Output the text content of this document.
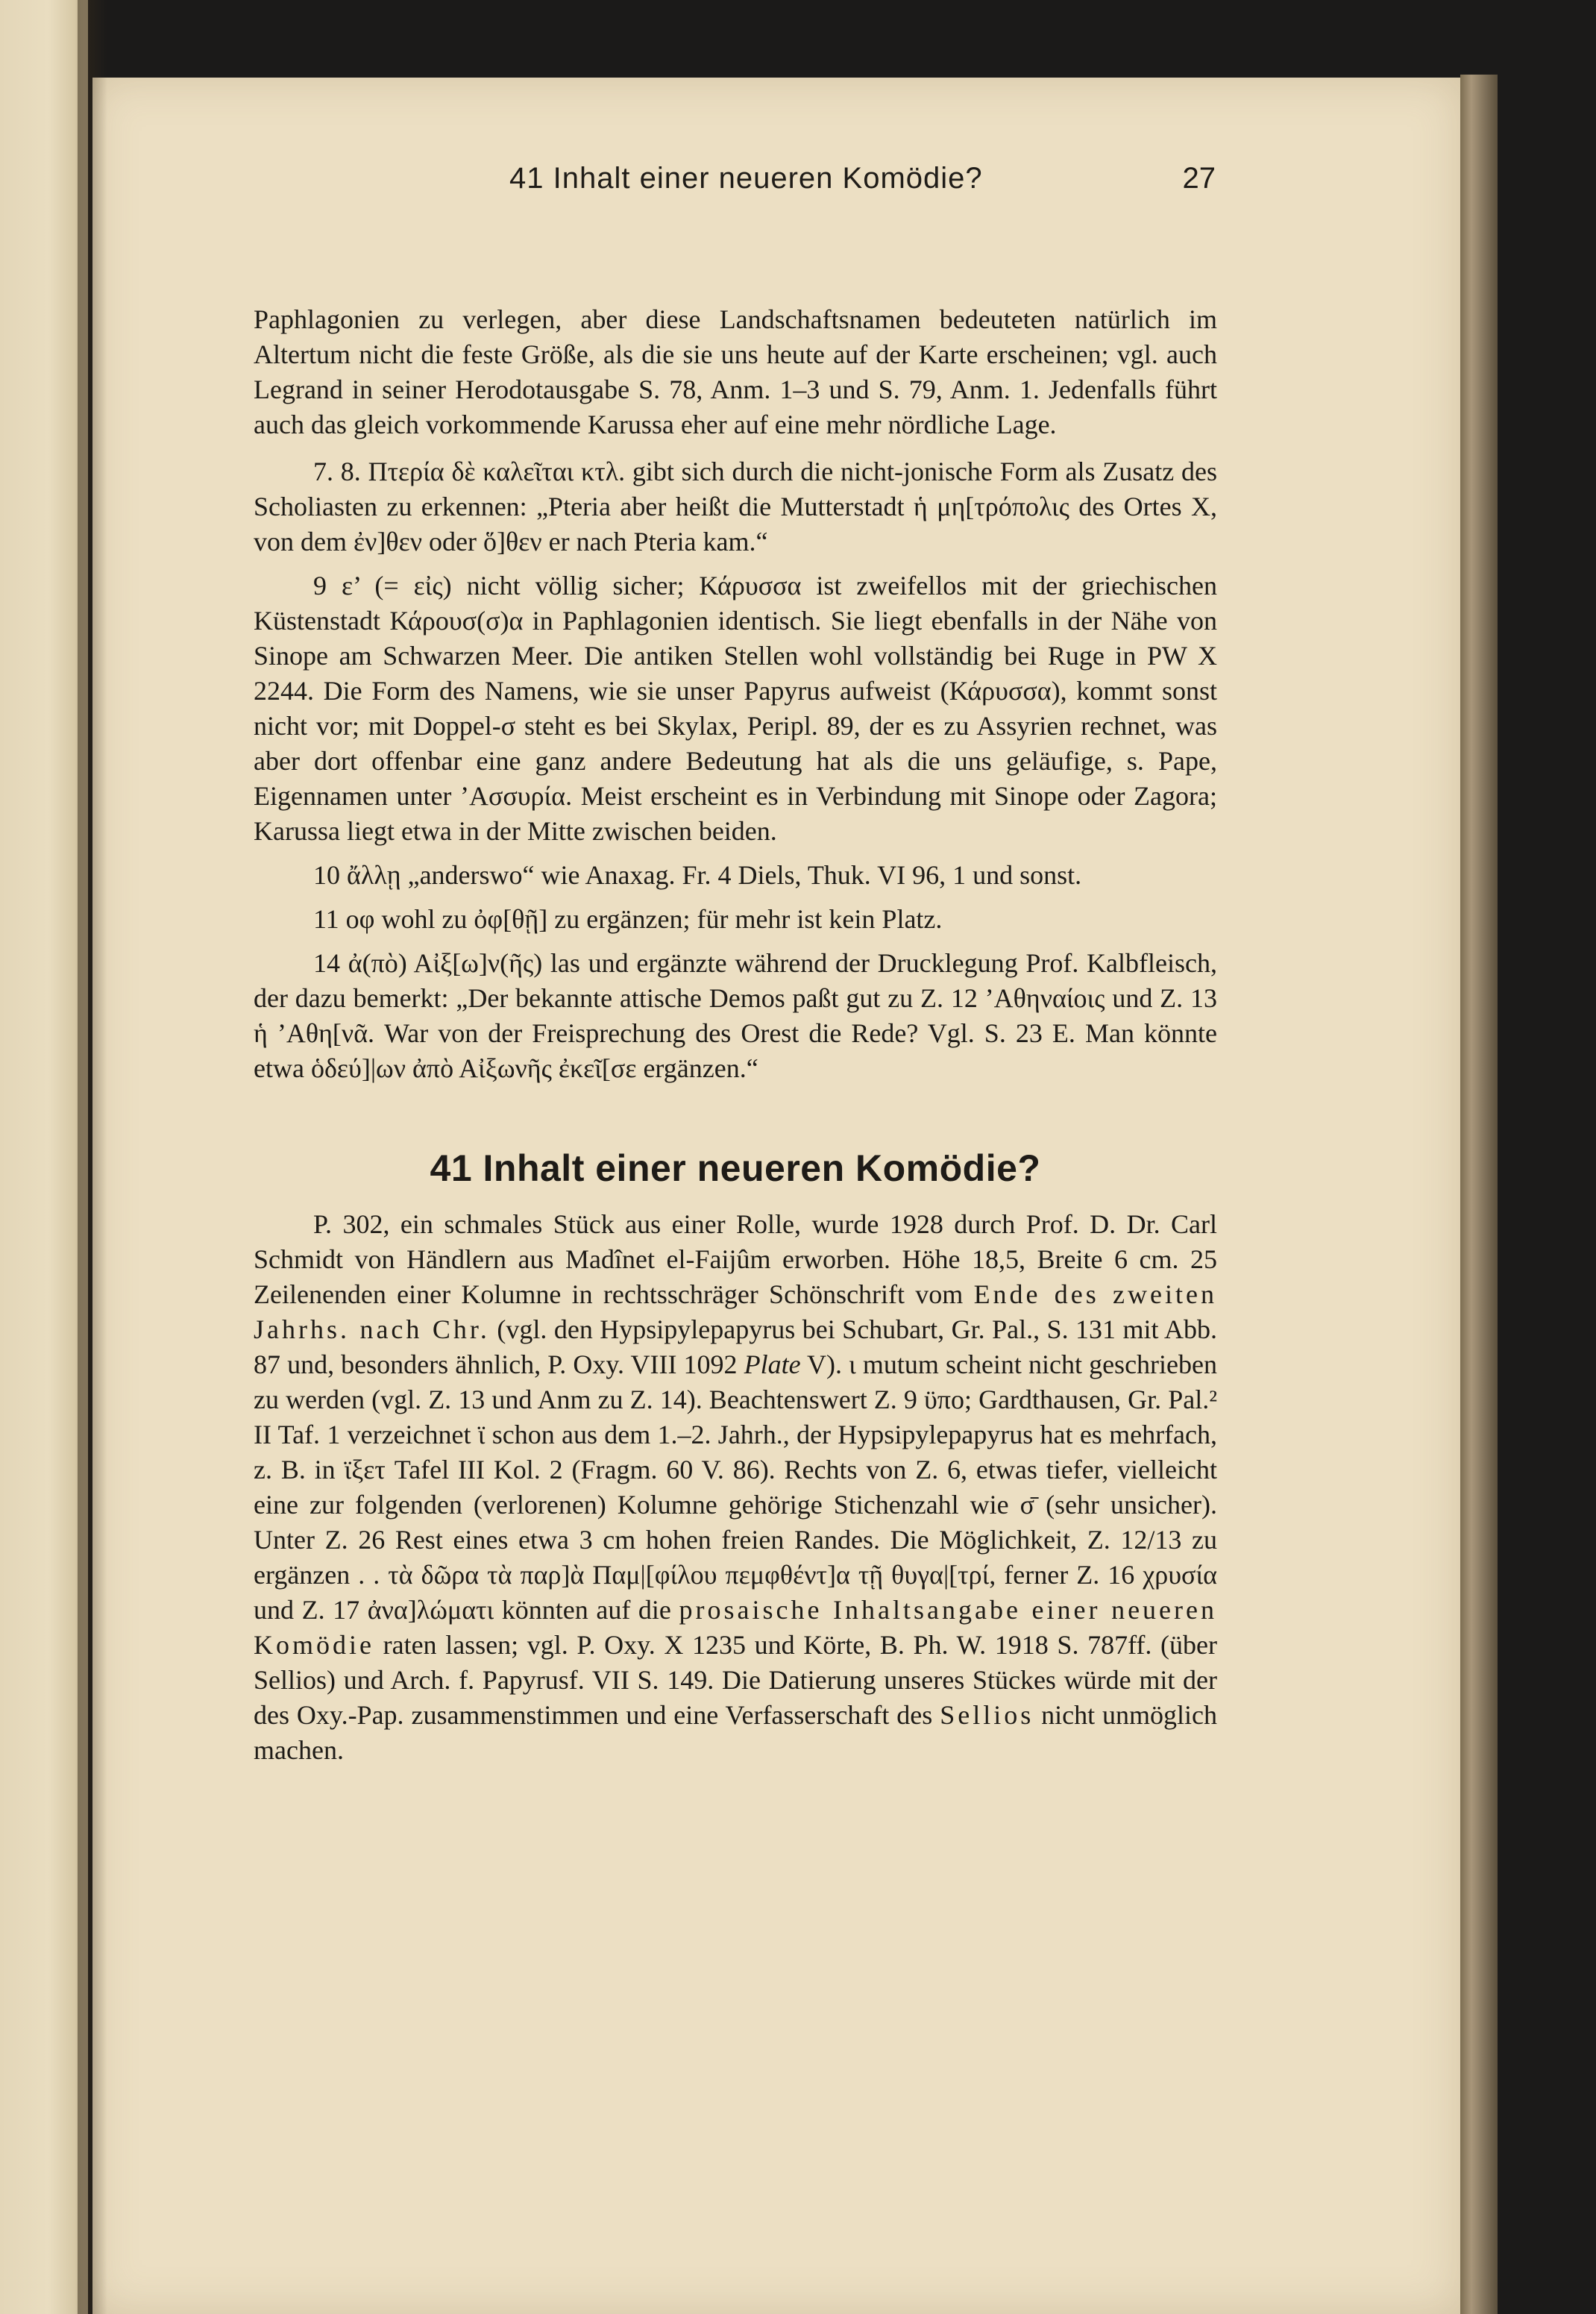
41 Inhalt einer neueren Komödie?	27

Paphlagonien zu verlegen, aber diese Landschaftsnamen bedeuteten natürlich im Altertum nicht die feste Größe, als die sie uns heute auf der Karte erscheinen; vgl. auch Legrand in seiner Herodotausgabe S. 78, Anm. 1–3 und S. 79, Anm. 1. Jedenfalls führt auch das gleich vorkommende Karussa eher auf eine mehr nördliche Lage.

7. 8. Πτερία δὲ καλεῖται κτλ. gibt sich durch die nicht-jonische Form als Zusatz des Scholiasten zu erkennen: „Pteria aber heißt die Mutterstadt ἡ μη[τρόπολις des Ortes X, von dem ἐν]θεν oder ὅ]θεν er nach Pteria kam.“

9 ε’ (= εἰς) nicht völlig sicher; Κάρυσσα ist zweifellos mit der griechischen Küstenstadt Κάρουσ(σ)α in Paphlagonien identisch. Sie liegt ebenfalls in der Nähe von Sinope am Schwarzen Meer. Die antiken Stellen wohl vollständig bei Ruge in PW X 2244. Die Form des Namens, wie sie unser Papyrus aufweist (Κάρυσσα), kommt sonst nicht vor; mit Doppel-σ steht es bei Skylax, Peripl. 89, der es zu Assyrien rechnet, was aber dort offenbar eine ganz andere Bedeutung hat als die uns geläufige, s. Pape, Eigennamen unter ’Ασσυρία. Meist erscheint es in Verbindung mit Sinope oder Zagora; Karussa liegt etwa in der Mitte zwischen beiden.

10 ἄλλῃ „anderswo“ wie Anaxag. Fr. 4 Diels, Thuk. VI 96, 1 und sonst.

11 οφ wohl zu ὀφ[θῇ] zu ergänzen; für mehr ist kein Platz.

14 ἀ(πὸ) Αἰξ[ω]ν(ῆς) las und ergänzte während der Drucklegung Prof. Kalbfleisch, der dazu bemerkt: „Der bekannte attische Demos paßt gut zu Z. 12 ’Αθηναίοις und Z. 13 ἡ ’Αθη[νᾶ. War von der Freisprechung des Orest die Rede? Vgl. S. 23 E. Man könnte etwa ὁδεύ]|ων ἀπὸ Αἰξωνῆς ἐκεῖ[σε ergänzen.“

41 Inhalt einer neueren Komödie?

P. 302, ein schmales Stück aus einer Rolle, wurde 1928 durch Prof. D. Dr. Carl Schmidt von Händlern aus Madînet el-Faijûm erworben. Höhe 18,5, Breite 6 cm. 25 Zeilenenden einer Kolumne in rechtsschräger Schönschrift vom Ende des zweiten Jahrhs. nach Chr. (vgl. den Hypsipylepapyrus bei Schubart, Gr. Pal., S. 131 mit Abb. 87 und, besonders ähnlich, P. Oxy. VIII 1092 Plate V). ι mutum scheint nicht geschrieben zu werden (vgl. Z. 13 und Anm zu Z. 14). Beachtenswert Z. 9 ϋπο; Gardthausen, Gr. Pal.² II Taf. 1 verzeichnet ϊ schon aus dem 1.–2. Jahrh., der Hypsipylepapyrus hat es mehrfach, z. B. in ϊξετ Tafel III Kol. 2 (Fragm. 60 V. 86). Rechts von Z. 6, etwas tiefer, vielleicht eine zur folgenden (verlorenen) Kolumne gehörige Stichenzahl wie σ̄ (sehr unsicher). Unter Z. 26 Rest eines etwa 3 cm hohen freien Randes. Die Möglichkeit, Z. 12/13 zu ergänzen . . τὰ δῶρα τὰ παρ]ὰ Παμ|[φίλου πεμφθέντ]α τῇ θυγα|[τρί, ferner Z. 16 χρυσία und Z. 17 ἀνα]λώματι könnten auf die prosaische Inhaltsangabe einer neueren Komödie raten lassen; vgl. P. Oxy. X 1235 und Körte, B. Ph. W. 1918 S. 787ff. (über Sellios) und Arch. f. Papyrusf. VII S. 149. Die Datierung unseres Stückes würde mit der des Oxy.-Pap. zusammenstimmen und eine Verfasserschaft des Sellios nicht unmöglich machen.
